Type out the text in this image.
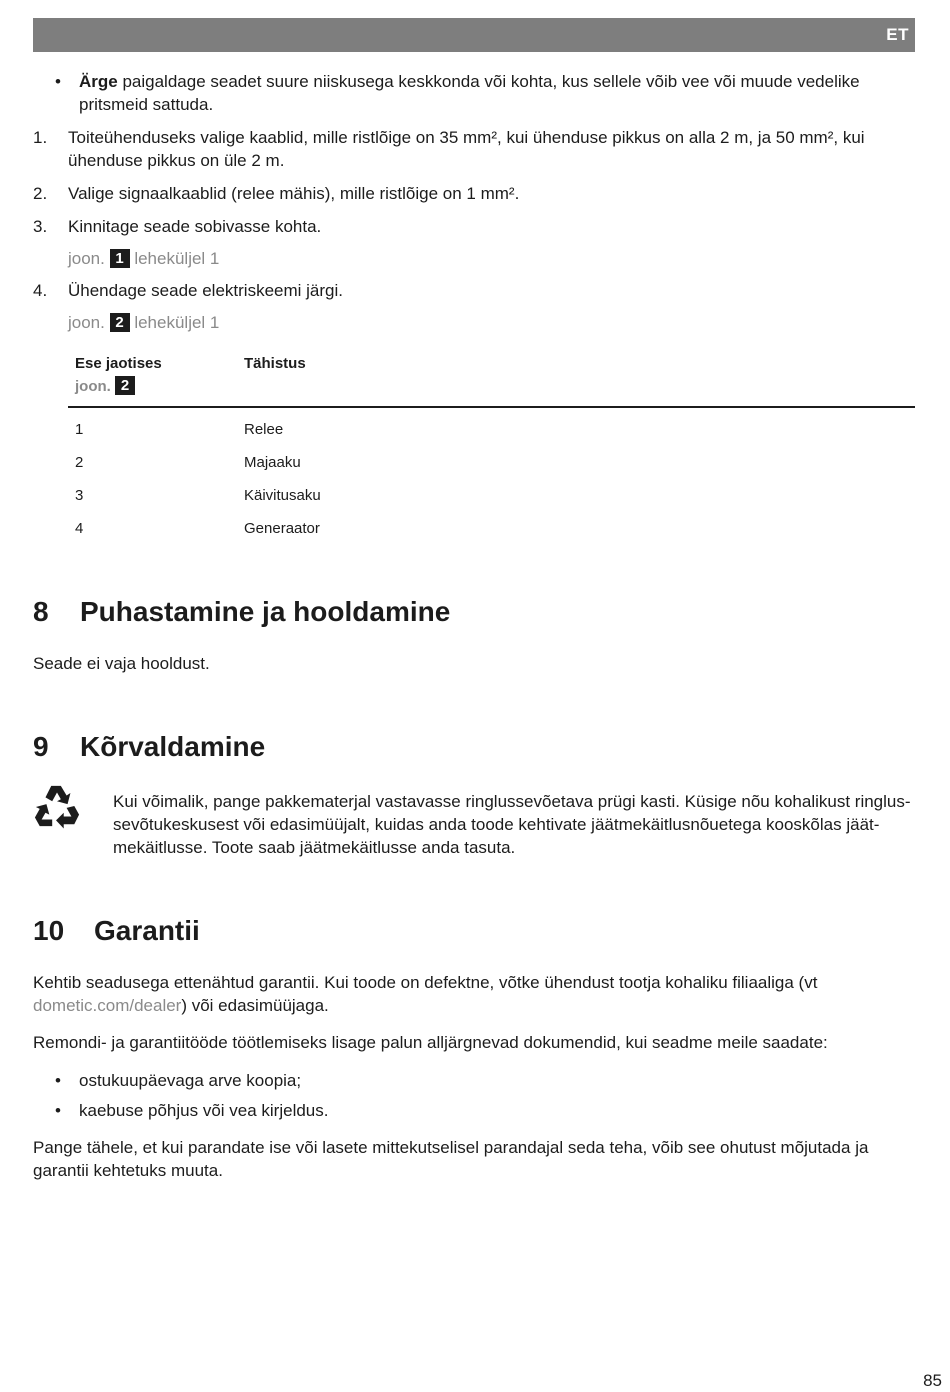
ET

• Ärge paigaldage seadet suure niiskusega keskkonda või kohta, kus sellele võib vee või muude vedelike pritsmeid sattuda.

1. Toiteühenduseks valige kaablid, mille ristlõige on 35 mm², kui ühenduse pikkus on alla 2 m, ja 50 mm², kui ühenduse pikkus on üle 2 m.

2. Valige signaalkaablid (relee mähis), mille ristlõige on 1 mm².

3. Kinnitage seade sobivasse kohta.

joon. 1 leheküljel 1

4. Ühendage seade elektriskeemi järgi.

joon. 2 leheküljel 1

Ese jaotises
joon. 2	Tähistus
1	Relee
2	Majaaku
3	Käivitusaku
4	Generaator
8 Puhastamine ja hooldamine

Seade ei vaja hooldust.

9 Kõrvaldamine

Kui võimalik, pange pakkematerjal vastavasse ringlussevõetava prügi kasti. Küsige nõu kohalikust ringlussevõtukeskusest või edasimüüjalt, kuidas anda toode kehtivate jäätmekäitlusnõuetega kooskõlas jäätmekäitlusse. Toote saab jäätmekäitlusse anda tasuta.

10 Garantii

Kehtib seadusega ettenähtud garantii. Kui toode on defektne, võtke ühendust tootja kohaliku filiaaliga (vt dometic.com/dealer) või edasimüüjaga.

Remondi- ja garantiitööde töötlemiseks lisage palun alljärgnevad dokumendid, kui seadme meile saadate:

• ostukuupäevaga arve koopia;

• kaebuse põhjus või vea kirjeldus.

Pange tähele, et kui parandate ise või lasete mittekutselisel parandajal seda teha, võib see ohutust mõjutada ja garantii kehtetuks muuta.

85
